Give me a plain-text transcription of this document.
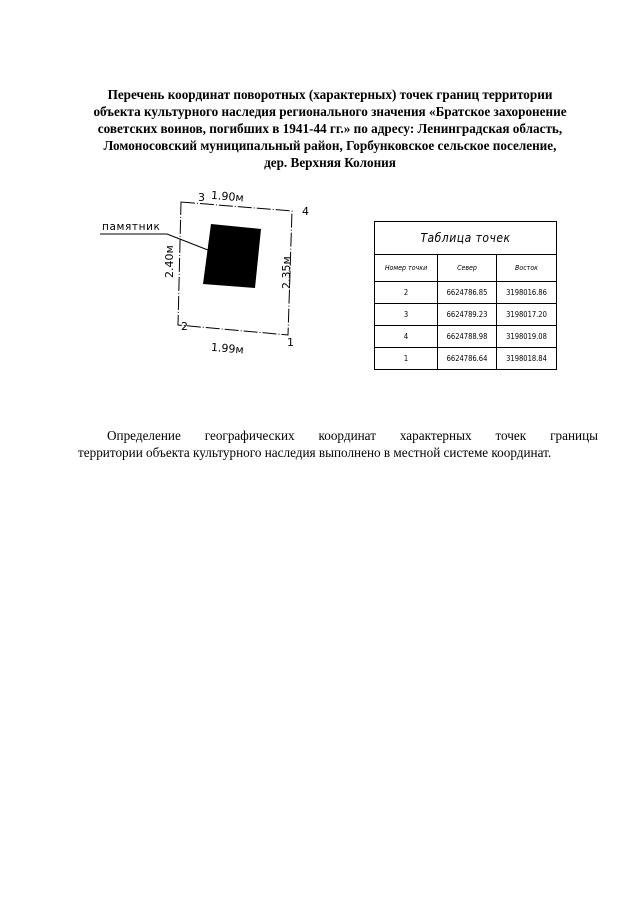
Перечень координат поворотных (характерных) точек границ территории
объекта культурного наследия регионального значения «Братское захоронение
советских воинов, погибших в 1941-44 гг.» по адресу: Ленинградская область,
Ломоносовский муниципальный район, Горбунковское сельское поселение,
дер. Верхняя Колония
памятник
1.90м
1.99м
2.40м	2.35м
3
4
2
1
Таблица точек		
Номер точки	Север	Восток
2	6624786.85	3198016.86
3	6624789.23	3198017.20
4	6624788.98	3198019.08
1	6624786.64	3198018.84
Определение географических координат характерных точек границы
территории объекта культурного наследия выполнено в местной системе координат.
